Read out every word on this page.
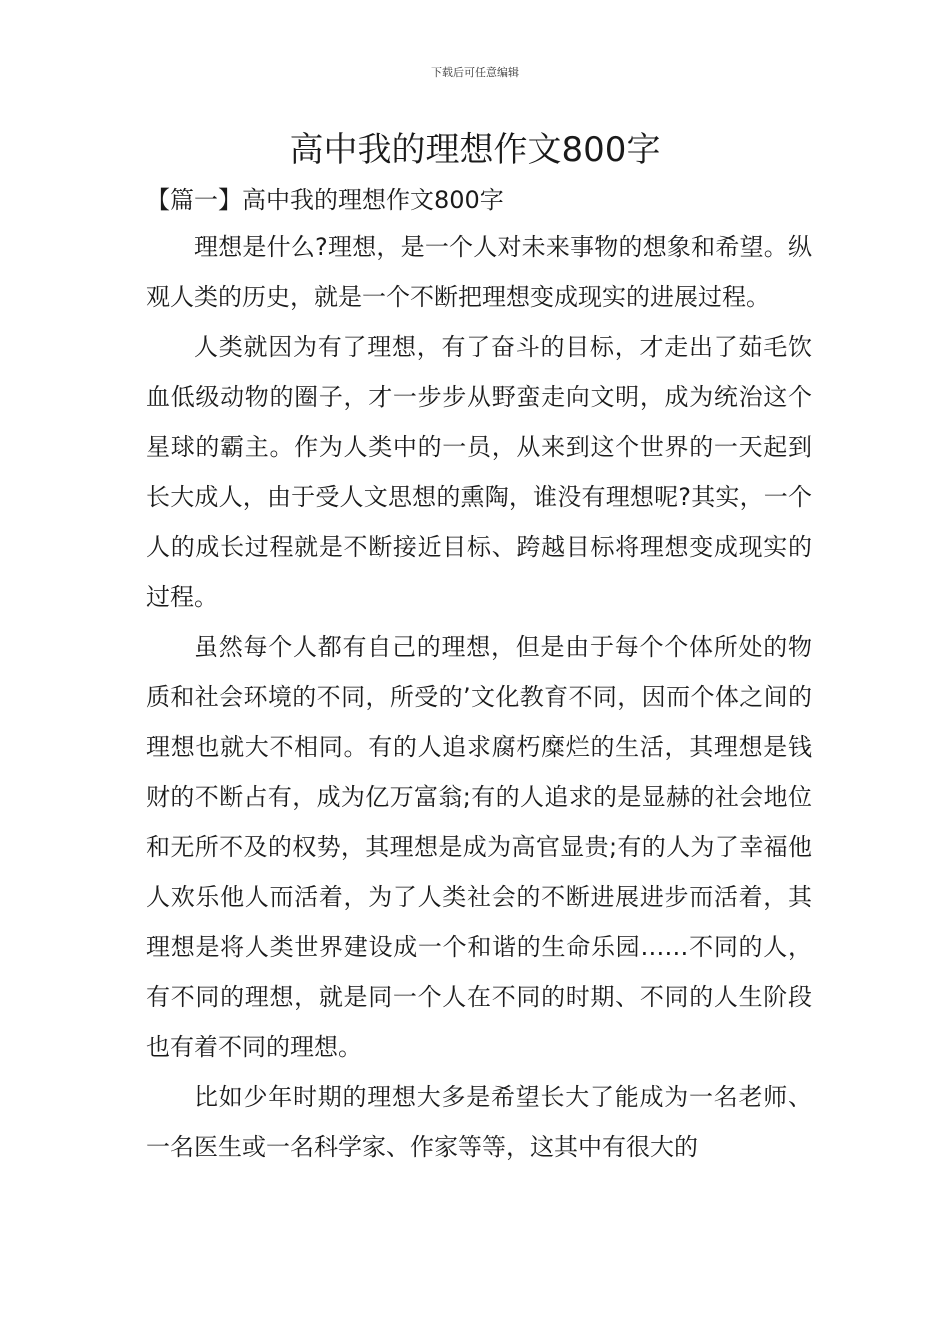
下载后可任意编辑
高中我的理想作文800字

【篇一】高中我的理想作文800字

理想是什么?理想，是一个人对未来事物的想象和希望。纵观人类的历史，就是一个不断把理想变成现实的进展过程。

人类就因为有了理想，有了奋斗的目标，才走出了茹毛饮血低级动物的圈子，才一步步从野蛮走向文明，成为统治这个星球的霸主。作为人类中的一员，从来到这个世界的一天起到长大成人，由于受人文思想的熏陶，谁没有理想呢?其实，一个人的成长过程就是不断接近目标、跨越目标将理想变成现实的过程。

虽然每个人都有自己的理想，但是由于每个个体所处的物质和社会环境的不同，所受的’文化教育不同，因而个体之间的理想也就大不相同。有的人追求腐朽糜烂的生活，其理想是钱财的不断占有，成为亿万富翁;有的人追求的是显赫的社会地位和无所不及的权势，其理想是成为高官显贵;有的人为了幸福他人欢乐他人而活着，为了人类社会的不断进展进步而活着，其理想是将人类世界建设成一个和谐的生命乐园……不同的人，有不同的理想，就是同一个人在不同的时期、不同的人生阶段也有着不同的理想。

比如少年时期的理想大多是希望长大了能成为一名老师、一名医生或一名科学家、作家等等，这其中有很大的
